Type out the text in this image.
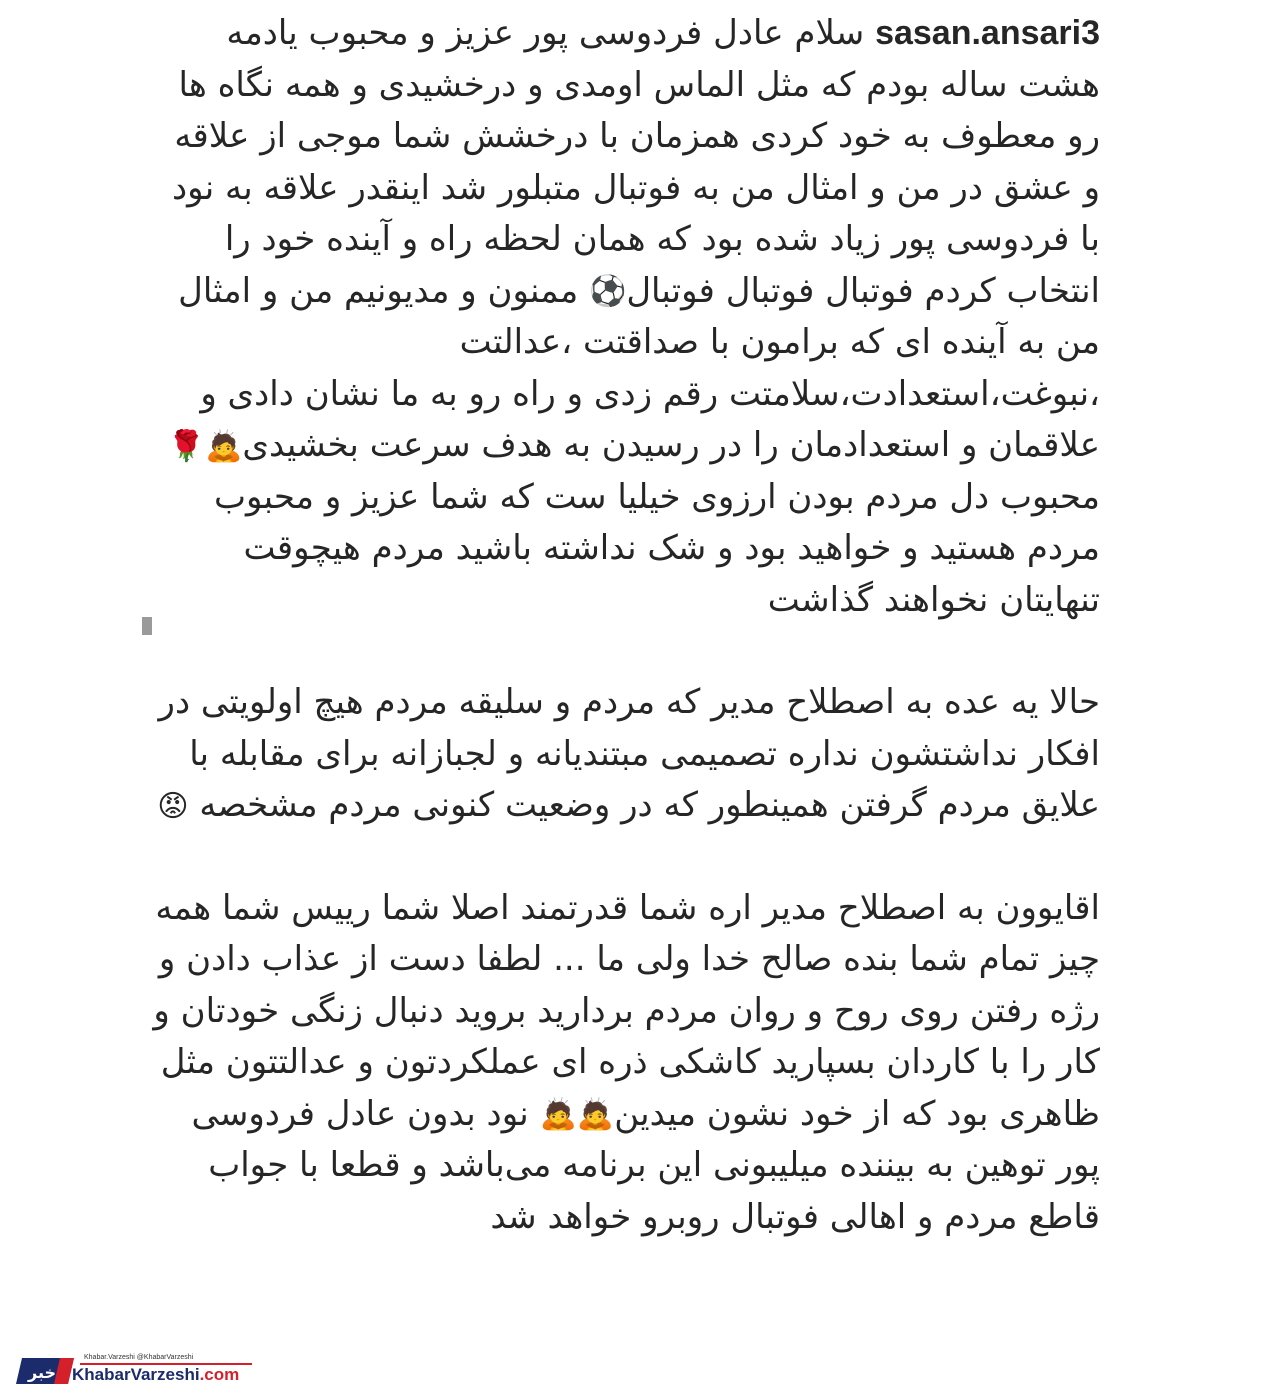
sasan.ansari3 سلام عادل فردوسی پور عزیز و محبوب یادمه هشت ساله بودم که مثل الماس اومدی و درخشیدی و همه نگاه ها رو معطوف به خود کردی همزمان با درخشش شما موجی از علاقه و عشق در من و امثال من به فوتبال متبلور شد اینقدر علاقه به نود با فردوسی پور زیاد شده بود که همان لحظه راه و آینده خود را انتخاب کردم فوتبال فوتبال فوتبال⚽ ممنون و مدیونیم من و امثال من به آینده ای که برامون با صداقتت ،عدالتت ،نبوغت،استعدادت،سلامتت رقم زدی و راه رو به ما نشان دادی و علاقمان و استعدادمان را در رسیدن به هدف سرعت بخشیدی🙇🌹محبوب دل مردم بودن ارزوی خیلیا ست که شما عزیز و محبوب مردم هستید و خواهید بود و شک نداشته باشید مردم هیچوقت تنهایتان نخواهند گذاشت
حالا یه عده به اصطلاح مدیر که مردم و سلیقه مردم هیچ اولویتی در افکار نداشتشون نداره تصمیمی مبتندیانه و لجبازانه برای مقابله با علایق مردم گرفتن همینطور که در وضعیت کنونی مردم مشخصه 😡
اقایوون به اصطلاح مدیر اره شما قدرتمند اصلا شما رییس شما همه چیز تمام شما بنده صالح خدا ولی ما ... لطفا دست از عذاب دادن و رژه رفتن روی روح و روان مردم بردارید بروید دنبال زنگی خودتان و کار را با کاردان بسپارید کاشکی ذره ای عملکردتون و عدالتتون مثل ظاهری بود که از خود نشون میدین🙇🙇 نود بدون عادل فردوسی پور توهین به بیننده میلیبونی این برنامه می‌باشد و قطعا با جواب قاطع مردم و اهالی فوتبال روبرو خواهد شد
خبر
Khabar.Varzeshi @KhabarVarzeshi
KhabarVarzeshi.com
